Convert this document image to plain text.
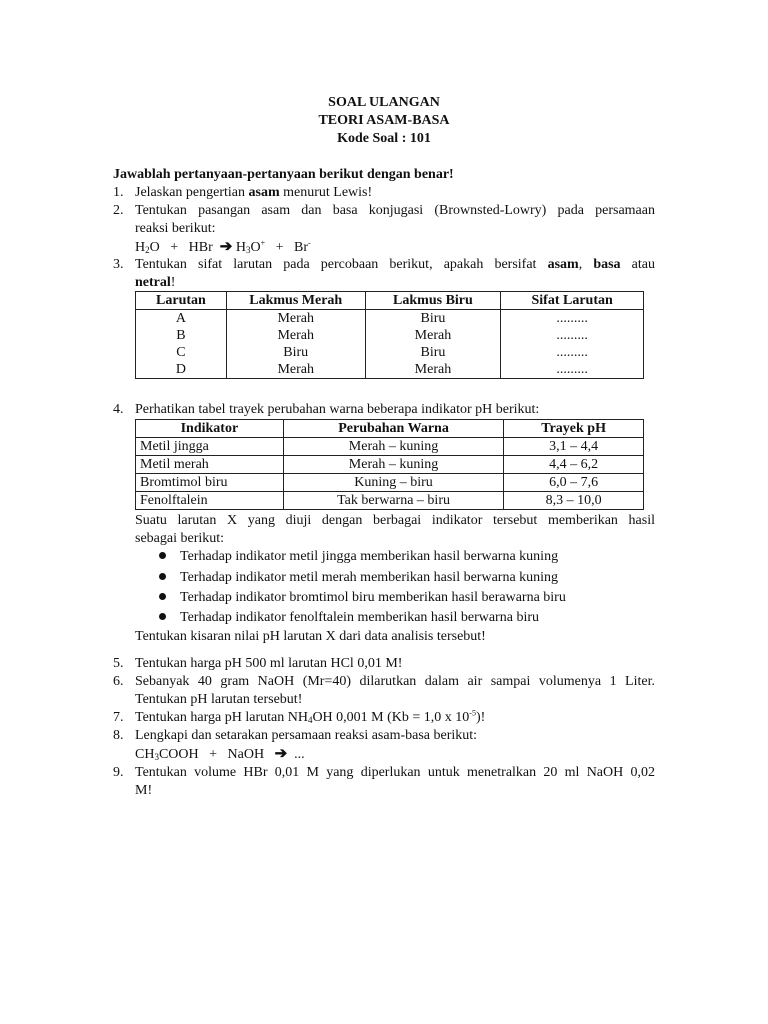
SOAL ULANGAN
TEORI ASAM-BASA
Kode Soal : 101
Jawablah pertanyaan-pertanyaan berikut dengan benar!
1. Jelaskan pengertian asam menurut Lewis!
2. Tentukan pasangan asam dan basa konjugasi (Brownsted-Lowry) pada persamaan
reaksi berikut:
$H_2O$ + HBr ➔ $H_3O^+ + Br^-$
3. Tentukan sifat larutan pada percobaan berikut, apakah bersifat asam, basa atau
netral!
Larutan	Lakmus Merah	Lakmus Biru	Sifat Larutan
A	Merah	Biru	.........
B	Merah	Merah	.........
C	Biru	Biru	.........
D	Merah	Merah	.........
4. Perhatikan tabel trayek perubahan warna beberapa indikator pH berikut:
Indikator	Perubahan Warna	Trayek pH
Metil jingga	Merah – kuning	3,1 – 4,4
Metil merah	Merah – kuning	4,4 – 6,2
Bromtimol biru	Kuning – biru	6,0 – 7,6
Fenolftalein	Tak berwarna – biru	8,3 – 10,0
Suatu larutan X yang diuji dengan berbagai indikator tersebut memberikan hasil
sebagai berikut:
Terhadap indikator metil jingga memberikan hasil berwarna kuning
Terhadap indikator metil merah memberikan hasil berwarna kuning
Terhadap indikator bromtimol biru memberikan hasil berawarna biru
Terhadap indikator fenolftalein memberikan hasil berwarna biru
Tentukan kisaran nilai pH larutan X dari data analisis tersebut!
5. Tentukan harga pH 500 ml larutan HCl 0,01 M!
6. Sebanyak 40 gram NaOH (Mr=40) dilarutkan dalam air sampai volumenya 1 Liter.
Tentukan pH larutan tersebut!
7. Tentukan harga pH larutan $NH_4OH$ 0,001 M (Kb = 1,0 x $10^{-5}$)!
8. Lengkapi dan setarakan persamaan reaksi asam-basa berikut:
$CH_3COOH$ + NaOH ➔ ...
9. Tentukan volume HBr 0,01 M yang diperlukan untuk menetralkan 20 ml NaOH 0,02
M!
